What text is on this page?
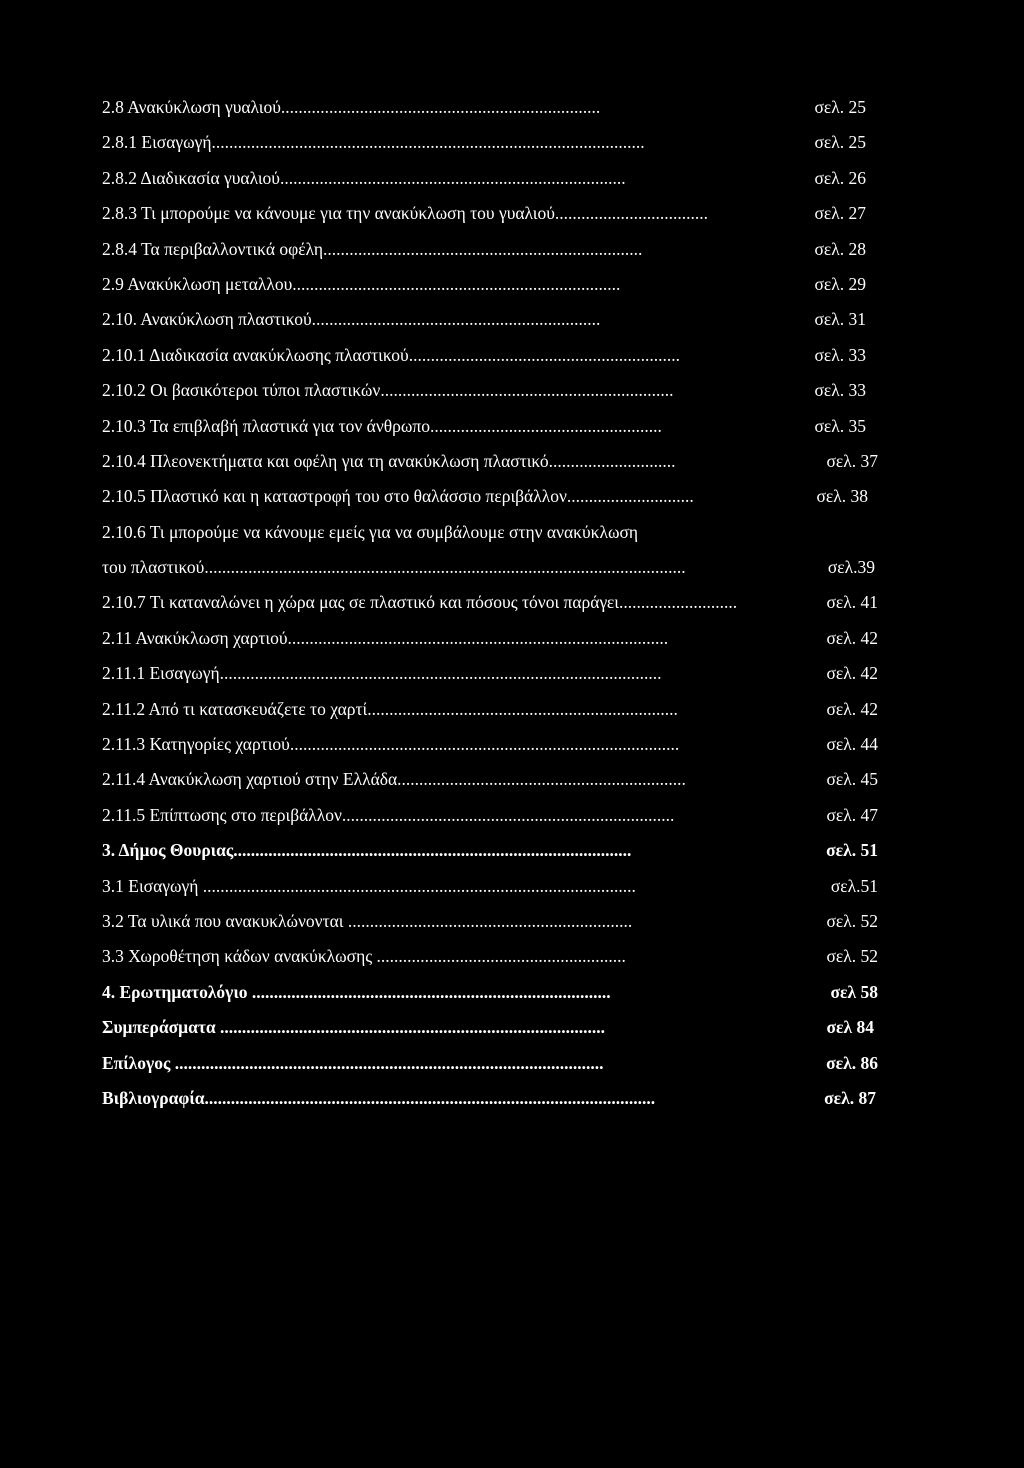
2.8 Ανακύκλωση γυαλιού.........................................................................	σελ. 25
2.8.1 Εισαγωγή...................................................................................................	σελ. 25
2.8.2 Διαδικασία γυαλιού...............................................................................	σελ. 26
2.8.3 Τι μπορούμε να κάνουμε για την ανακύκλωση του γυαλιού...................................	σελ. 27
2.8.4 Τα περιβαλλοντικά οφέλη.........................................................................	σελ. 28
2.9 Ανακύκλωση μεταλλου...........................................................................	σελ. 29
2.10. Ανακύκλωση πλαστικού..................................................................	σελ. 31
2.10.1 Διαδικασία ανακύκλωσης πλαστικού..............................................................	σελ. 33
2.10.2 Οι βασικότεροι τύποι πλαστικών...................................................................	σελ. 33
2.10.3 Τα επιβλαβή πλαστικά για τον άνθρωπο.....................................................	σελ. 35
2.10.4 Πλεονεκτήματα και οφέλη για τη ανακύκλωση πλαστικό.............................	σελ. 37
2.10.5 Πλαστικό και η καταστροφή του στο θαλάσσιο περιβάλλον.............................	σελ. 38
2.10.6 Τι μπορούμε να κάνουμε εμείς για να συμβάλουμε στην ανακύκλωση
του πλαστικού..............................................................................................................	σελ.39
2.10.7 Τι καταναλώνει η χώρα μας σε πλαστικό και πόσους τόνοι παράγει...........................	σελ. 41
2.11 Ανακύκλωση χαρτιού.......................................................................................	σελ. 42
2.11.1 Εισαγωγή.....................................................................................................	σελ. 42
2.11.2 Από τι κατασκευάζετε το χαρτί.......................................................................	σελ. 42
2.11.3 Κατηγορίες χαρτιού.........................................................................................	σελ. 44
2.11.4 Ανακύκλωση χαρτιού στην Ελλάδα..................................................................	σελ. 45
2.11.5 Επίπτωσης στο περιβάλλον............................................................................	σελ. 47
3. Δήμος Θουριας...........................................................................................	σελ. 51
3.1 Εισαγωγή ...................................................................................................	σελ.51
3.2 Τα υλικά που ανακυκλώνονται .................................................................	σελ. 52
3.3 Χωροθέτηση κάδων ανακύκλωσης .........................................................	σελ. 52
4. Ερωτηματολόγιο ..................................................................................	σελ 58
Συμπεράσματα ........................................................................................	σελ 84
Επίλογος ..................................................................................................	σελ. 86
Βιβλιογραφία.......................................................................................................	σελ. 87
